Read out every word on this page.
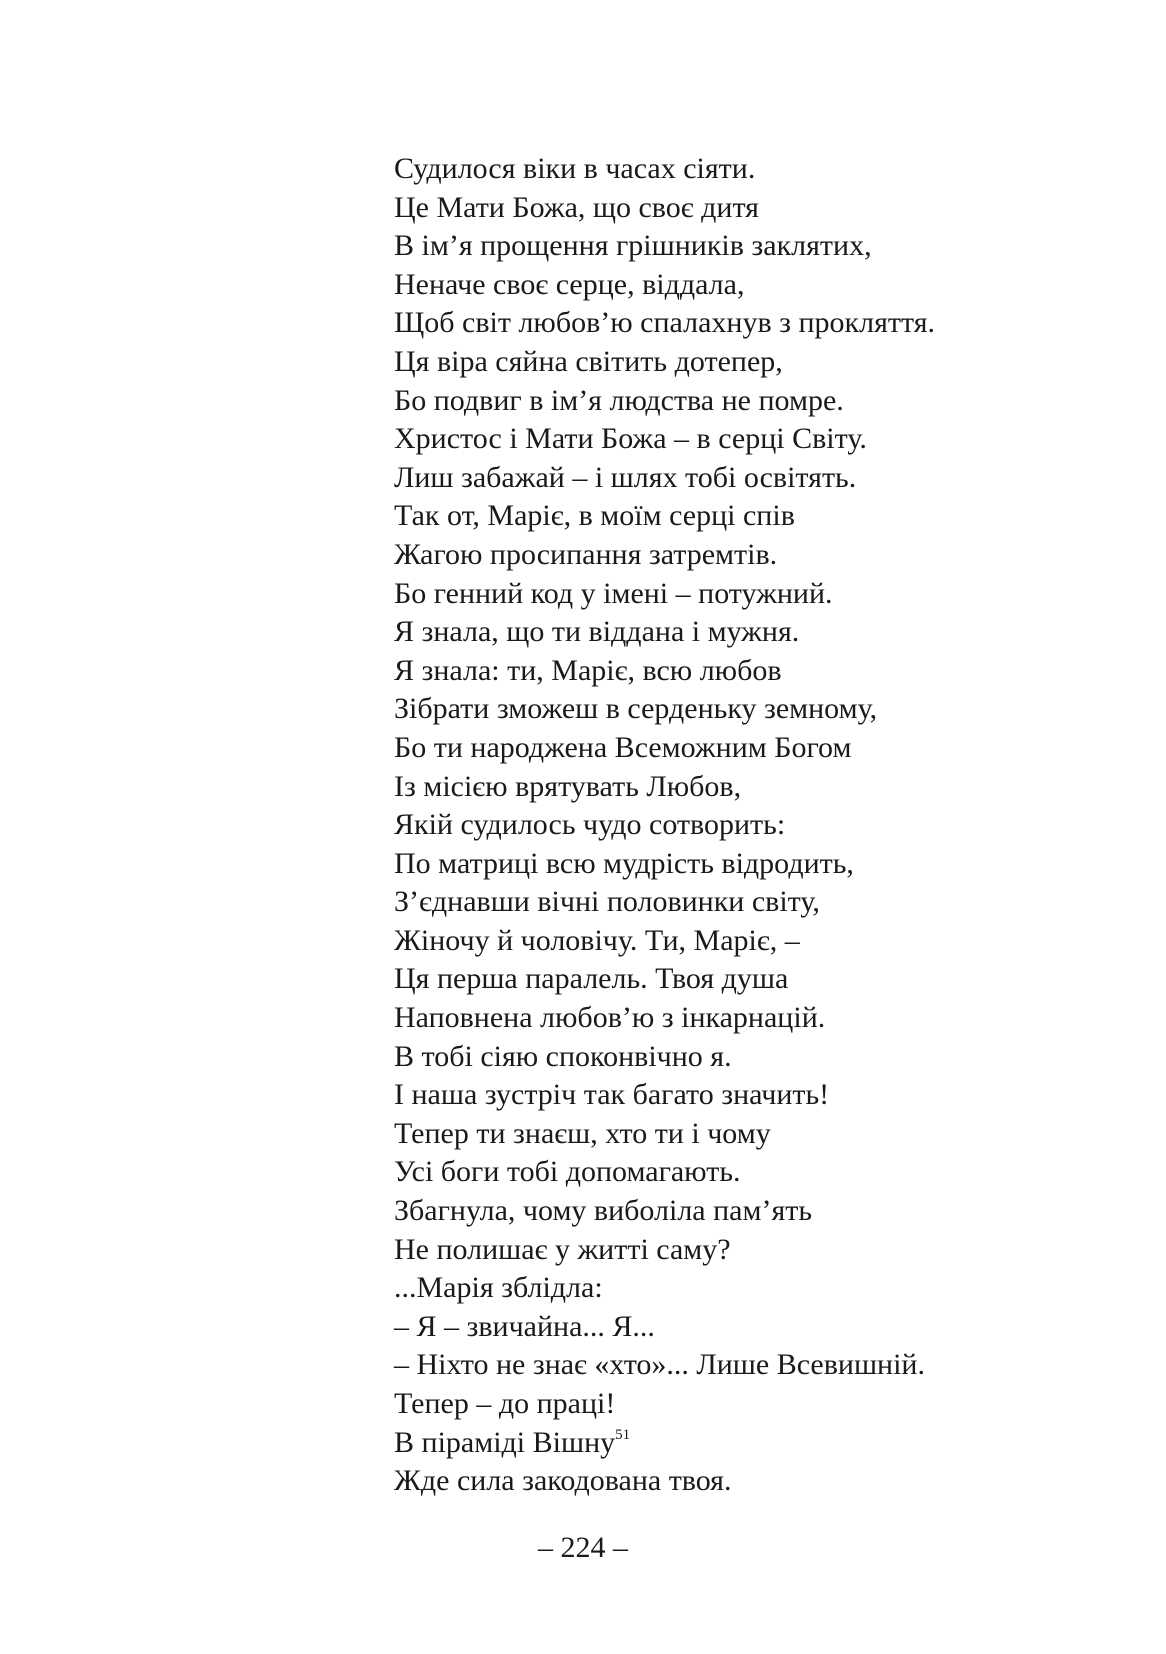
Судилося віки в часах сіяти.
Це Мати Божа, що своє дитя
В ім’я прощення грішників заклятих,
Неначе своє серце, віддала,
Щоб світ любов’ю спалахнув з прокляття.
Ця віра сяйна світить дотепер,
Бо подвиг в ім’я людства не помре.
Христос і Мати Божа – в серці Світу.
Лиш забажай – і шлях тобі освітять.
Так от, Маріє, в моїм серці спів
Жагою просипання затремтів.
Бо генний код у імені – потужний.
Я знала, що ти віддана і мужня.
Я знала: ти, Маріє, всю любов
Зібрати зможеш в серденьку земному,
Бо ти народжена Всеможним Богом
Із місією врятувать Любов,
Якій судилось чудо сотворить:
По матриці всю мудрість відродить,
З’єднавши вічні половинки світу,
Жіночу й чоловічу. Ти, Маріє, –
Ця перша паралель. Твоя душа
Наповнена любов’ю з інкарнацій.
В тобі сіяю споконвічно я.
І наша зустріч так багато значить!
Тепер ти знаєш, хто ти і чому
Усі боги тобі допомагають.
Збагнула, чому виболіла пам’ять
Не полишає у житті саму?
...Марія зблідла:
– Я – звичайна... Я...
– Ніхто не знає «хто»... Лише Всевишній.
Тепер – до праці!
В піраміді Вішну$^{51}$
Жде сила закодована твоя.
– 224 –
